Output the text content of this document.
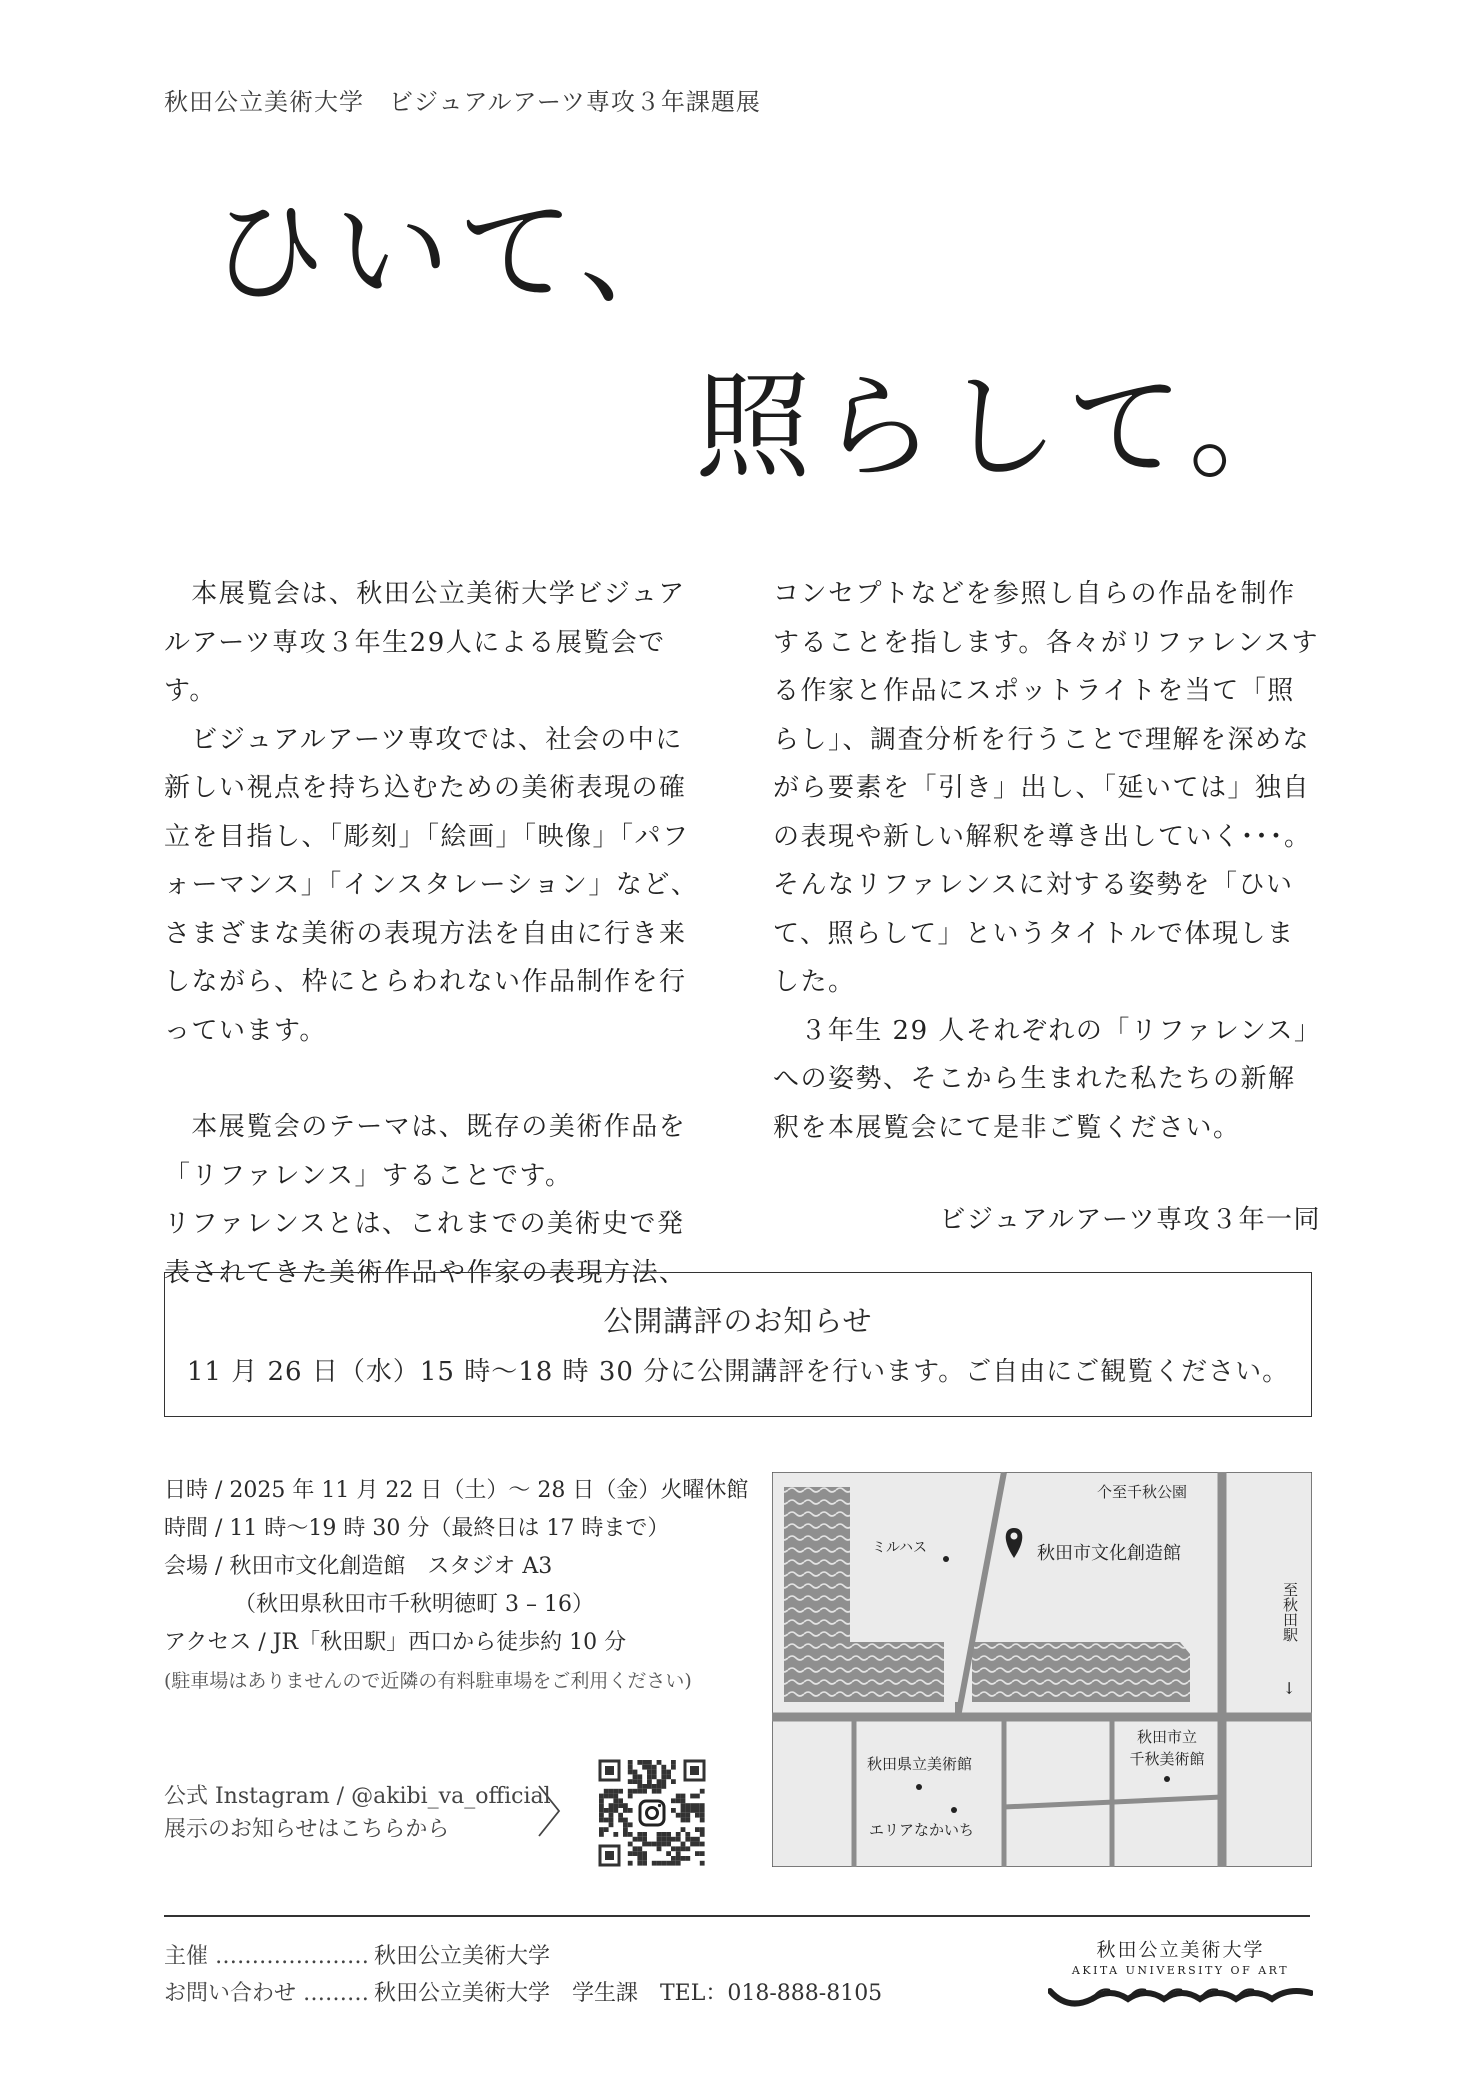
秋田公立美術大学　ビジュアルアーツ専攻３年課題展
ひいて、
照らして。

本展覧会は、秋田公立美術大学ビジュアルアーツ専攻３年生29人による展覧会です。

ビジュアルアーツ専攻では、社会の中に新しい視点を持ち込むための美術表現の確立を目指し、「彫刻」「絵画」「映像」「パフォーマンス」「インスタレーション」など、さまざまな美術の表現方法を自由に行き来しながら、枠にとらわれない作品制作を行っています。

本展覧会のテーマは、既存の美術作品を「リファレンス」することです。

リファレンスとは、これまでの美術史で発表されてきた美術作品や作家の表現方法、

コンセプトなどを参照し自らの作品を制作することを指します。各々がリファレンスする作家と作品にスポットライトを当て「照らし」、調査分析を行うことで理解を深めながら要素を「引き」出し、「延いては」独自の表現や新しい解釈を導き出していく･･･。そんなリファレンスに対する姿勢を「ひいて、照らして」というタイトルで体現しました。

３年生 29 人それぞれの「リファレンス」への姿勢、そこから生まれた私たちの新解釈を本展覧会にて是非ご覧ください。

ビジュアルアーツ専攻３年一同

公開講評のお知らせ
11 月 26 日（水）15 時〜18 時 30 分に公開講評を行います。ご自由にご観覧ください。
日時 / 2025 年 11 月 22 日（土）〜 28 日（金）火曜休館
時間 / 11 時〜19 時 30 分（最終日は 17 時まで）
会場 / 秋田市文化創造館　スタジオ A3
（秋田県秋田市千秋明徳町 3 – 16）
アクセス / JR「秋田駅」西口から徒歩約 10 分
(駐車場はありませんので近隣の有料駐車場をご利用ください)
公式 Instagram / @akibi_va_official
展示のお知らせはこちらから
秋田市文化創造館
个至千秋公園
ミルハス
至秋田駅
→
秋田県立美術館
エリアなかいち
秋田市立
千秋美術館
主催 ………………… 秋田公立美術大学
お問い合わせ ……… 秋田公立美術大学　学生課　TEL：018-888-8105
秋田公立美術大学
AKITA UNIVERSITY OF ART
